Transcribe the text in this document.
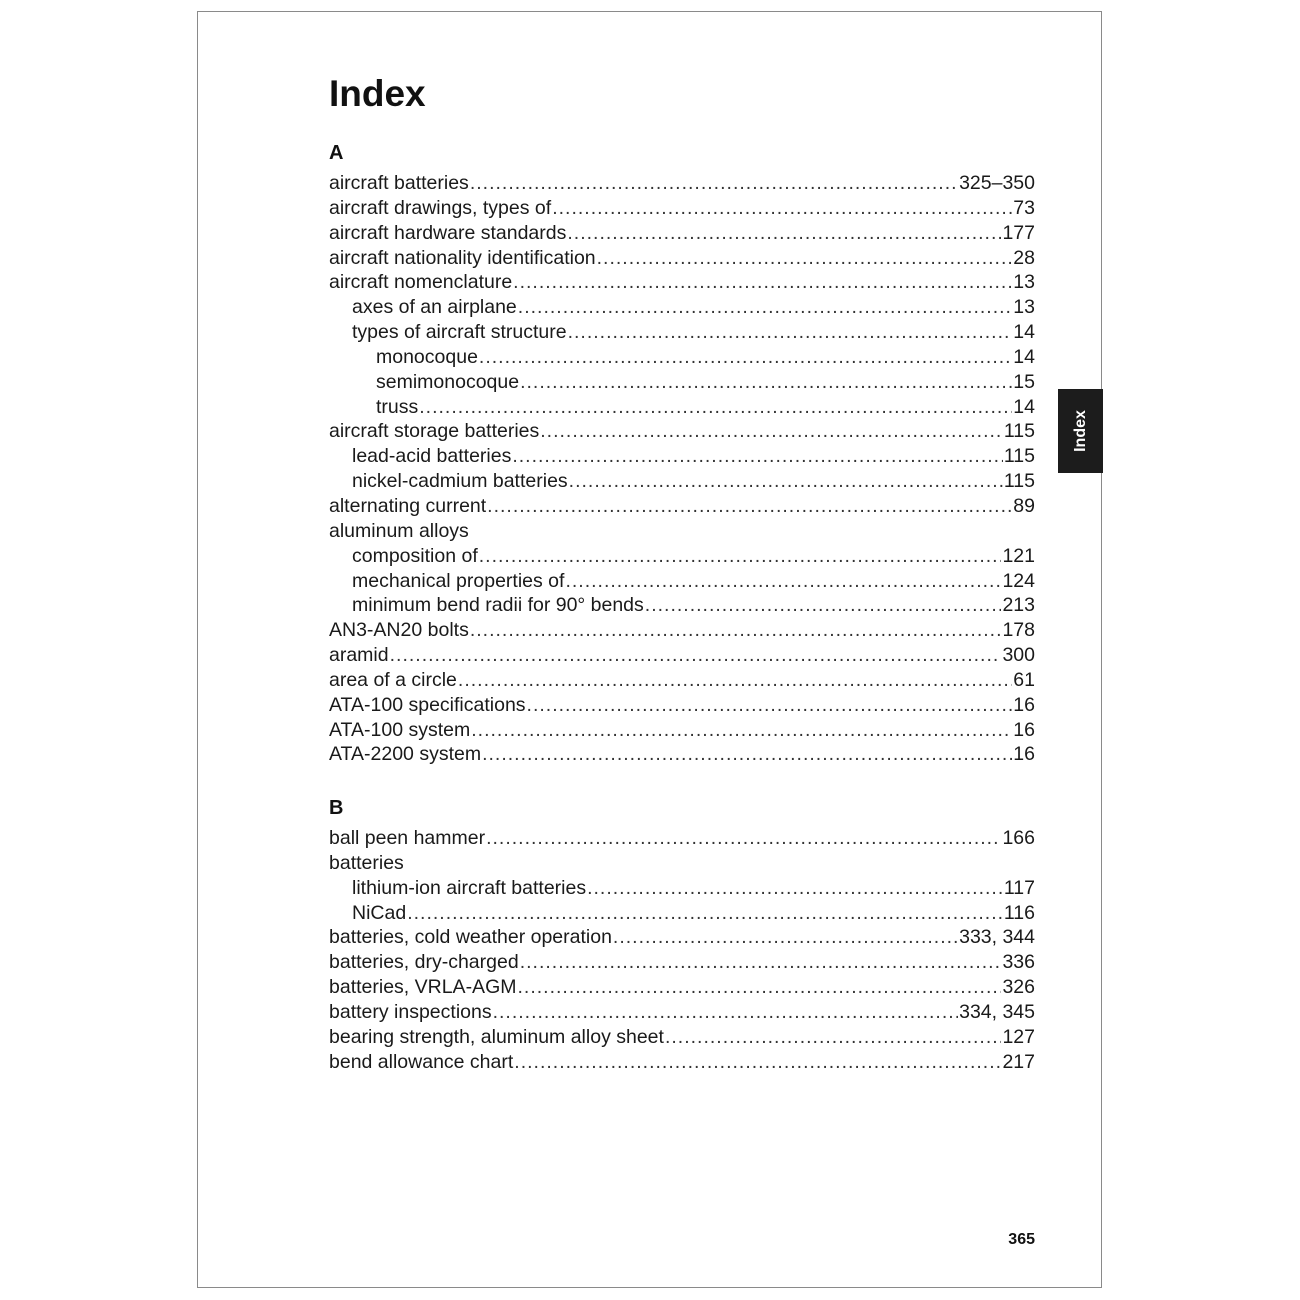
Index
A
aircraft batteries .....	325–350
aircraft drawings, types of .....	73
aircraft hardware standards .....	177
aircraft nationality identification .....	28
aircraft nomenclature .....	13
axes of an airplane .....	13
types of aircraft structure .....	14
monocoque .....	14
semimonocoque .....	15
truss .....	14
aircraft storage batteries .....	115
lead-acid batteries .....	115
nickel-cadmium batteries .....	115
alternating current .....	89
aluminum alloys
composition of .....	121
mechanical properties of .....	124
minimum bend radii for 90° bends .....	213
AN3-AN20 bolts .....	178
aramid .....	300
area of a circle .....	61
ATA-100 specifications .....	16
ATA-100 system .....	16
ATA-2200 system .....	16
B
ball peen hammer .....	166
batteries
lithium-ion aircraft batteries .....	117
NiCad .....	116
batteries, cold weather operation .....	333, 344
batteries, dry-charged .....	336
batteries, VRLA-AGM .....	326
battery inspections .....	334, 345
bearing strength, aluminum alloy sheet .....	127
bend allowance chart .....	217
Index
365
